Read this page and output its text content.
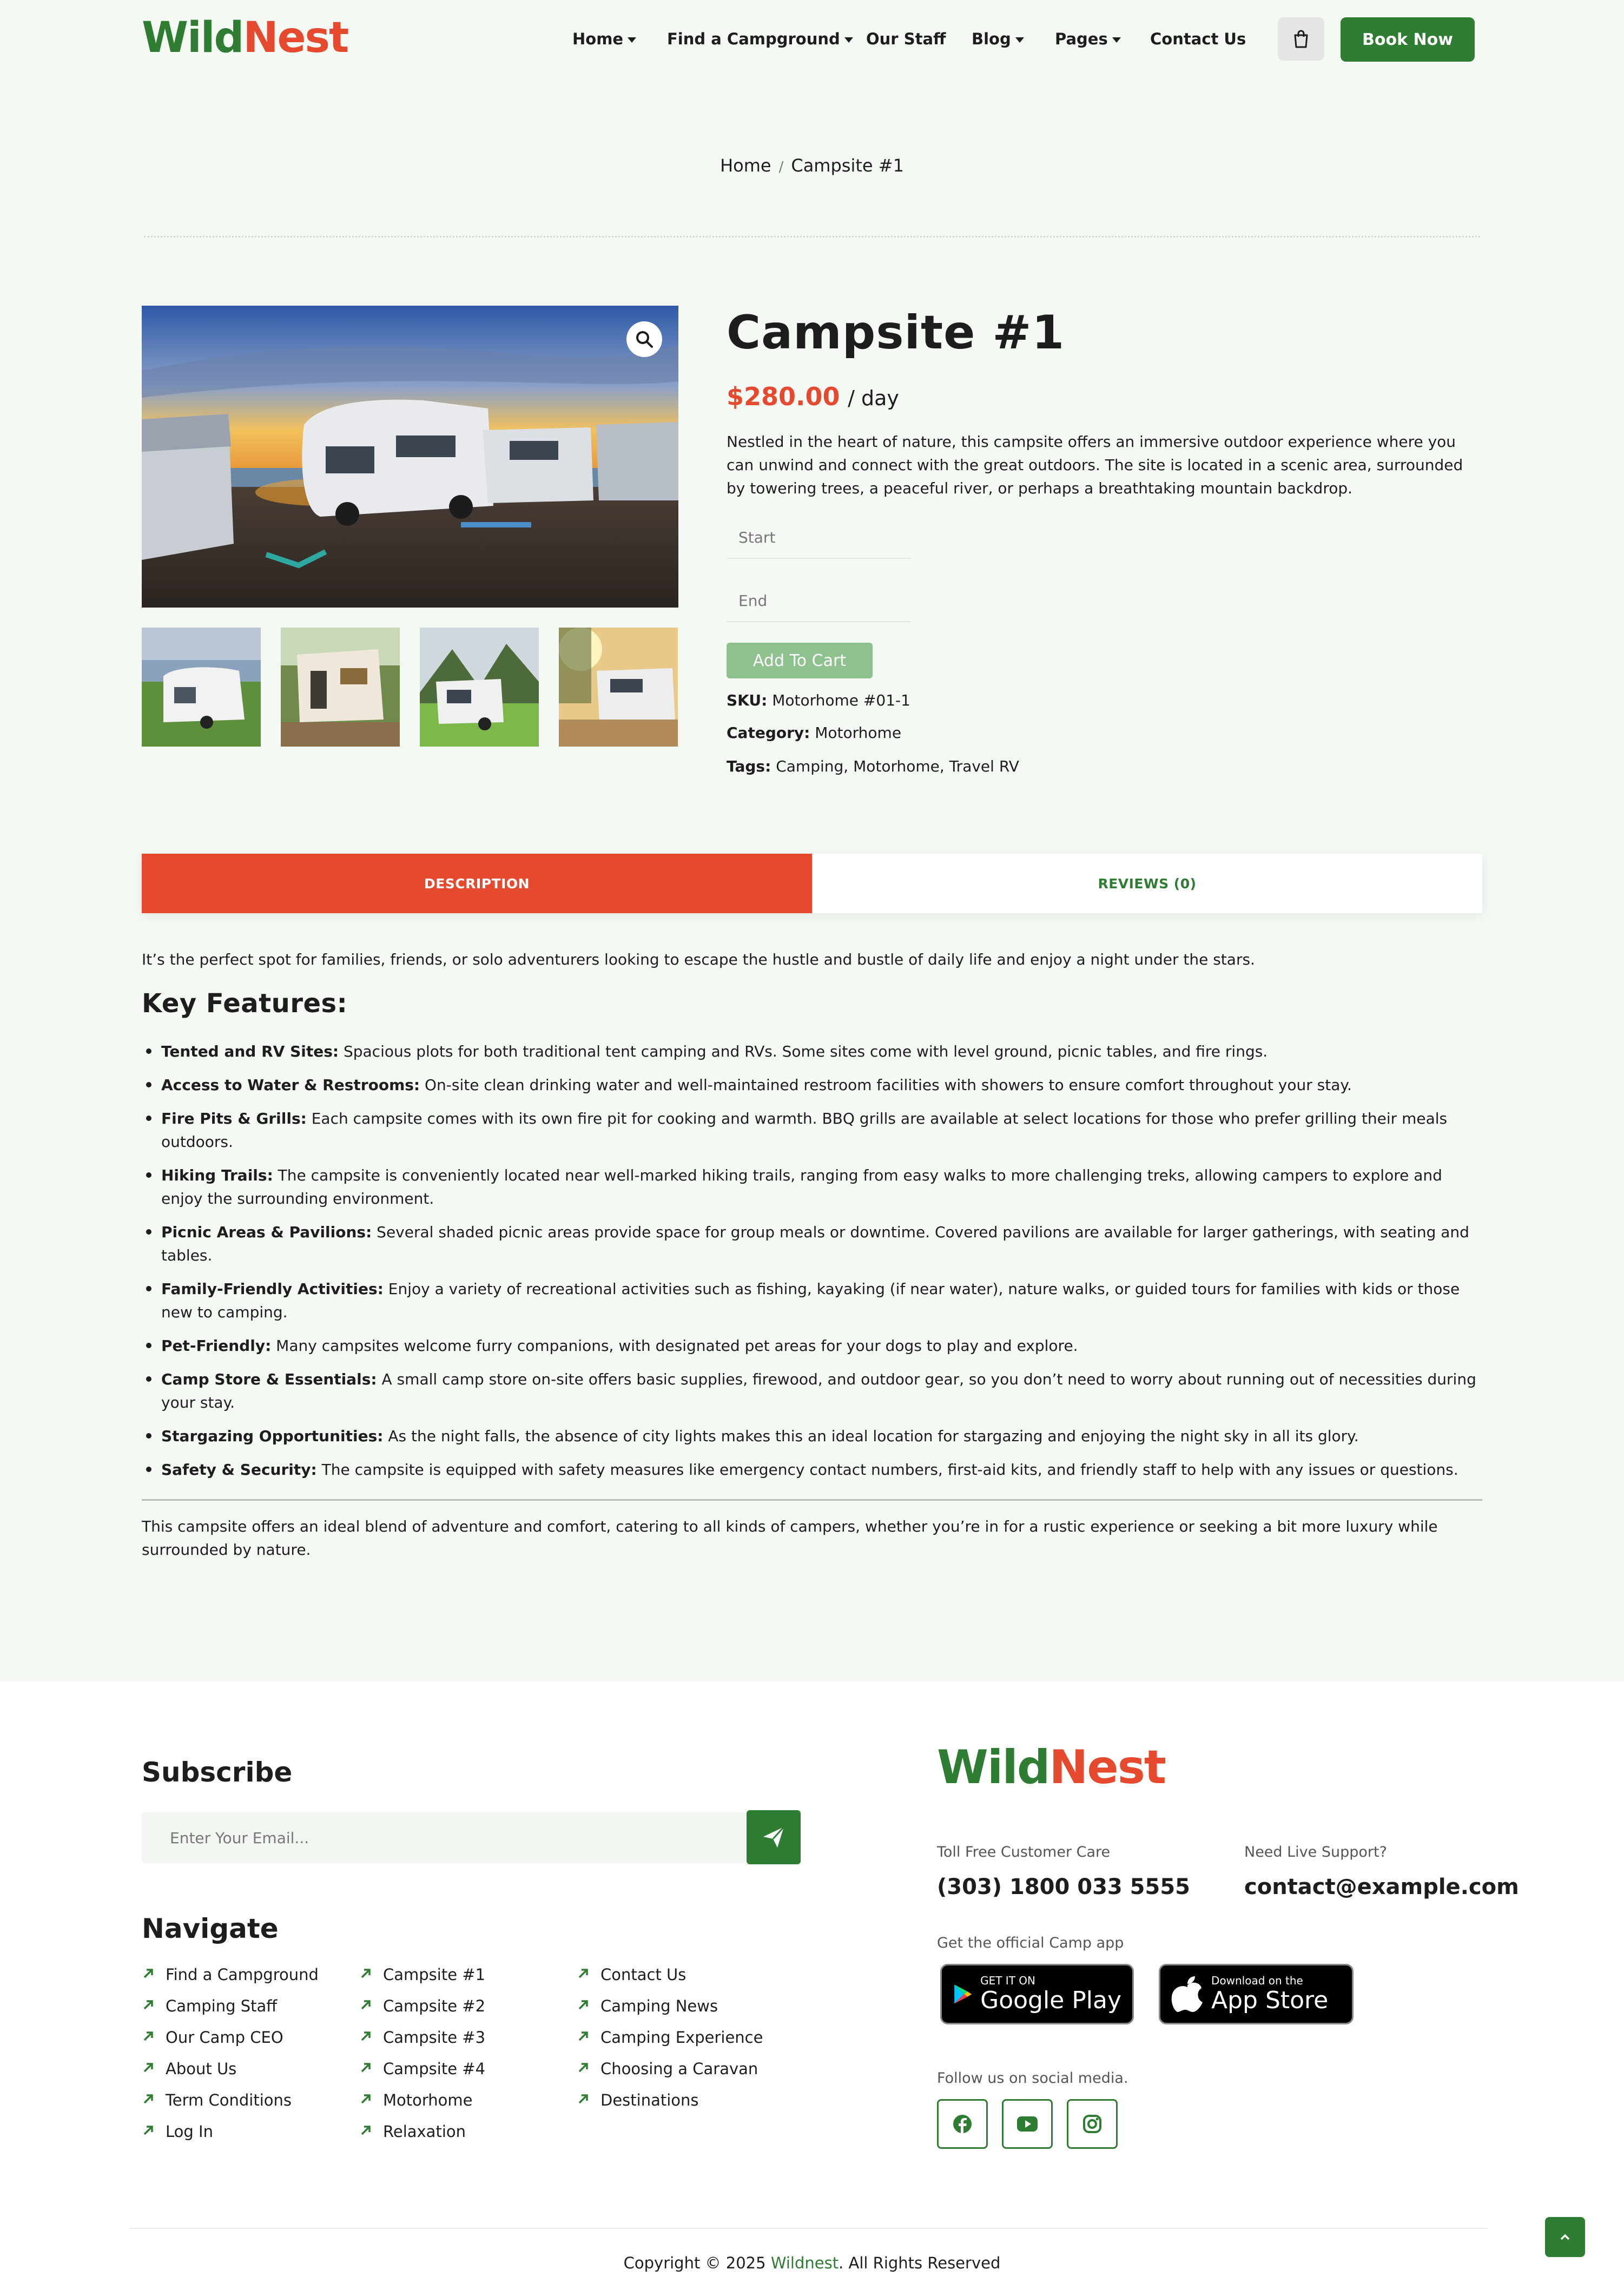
WildNest	Home	Find a Campground	Our Staff Blog	Pages	Contact Us	Book Now
Home / Campsite #1
Campsite #1
$280.00 / day
Nestled in the heart of nature, this campsite offers an immersive outdoor experience where you can unwind and connect with the great outdoors. The site is located in a scenic area, surrounded by towering trees, a peaceful river, or perhaps a breathtaking mountain backdrop.
Start
End
Add To Cart
SKU: Motorhome #01-1
Category: Motorhome
Tags: Camping, Motorhome, Travel RV
DESCRIPTION	REVIEWS (0)

It’s the perfect spot for families, friends, or solo adventurers looking to escape the hustle and bustle of daily life and enjoy a night under the stars.

Key Features:
Tented and RV Sites: Spacious plots for both traditional tent camping and RVs. Some sites come with level ground, picnic tables, and fire rings.
Access to Water & Restrooms: On-site clean drinking water and well-maintained restroom facilities with showers to ensure comfort throughout your stay.
Fire Pits & Grills: Each campsite comes with its own fire pit for cooking and warmth. BBQ grills are available at select locations for those who prefer grilling their meals outdoors.
Hiking Trails: The campsite is conveniently located near well-marked hiking trails, ranging from easy walks to more challenging treks, allowing campers to explore and enjoy the surrounding environment.
Picnic Areas & Pavilions: Several shaded picnic areas provide space for group meals or downtime. Covered pavilions are available for larger gatherings, with seating and tables.
Family-Friendly Activities: Enjoy a variety of recreational activities such as fishing, kayaking (if near water), nature walks, or guided tours for families with kids or those new to camping.
Pet-Friendly: Many campsites welcome furry companions, with designated pet areas for your dogs to play and explore.
Camp Store & Essentials: A small camp store on-site offers basic supplies, firewood, and outdoor gear, so you don’t need to worry about running out of necessities during your stay.
Stargazing Opportunities: As the night falls, the absence of city lights makes this an ideal location for stargazing and enjoying the night sky in all its glory.
Safety & Security: The campsite is equipped with safety measures like emergency contact numbers, first-aid kits, and friendly staff to help with any issues or questions.

This campsite offers an ideal blend of adventure and comfort, catering to all kinds of campers, whether you’re in for a rustic experience or seeking a bit more luxury while surrounded by nature.

Subscribe
Enter Your Email...
Navigate
Find a Campground
Camping Staff
Our Camp CEO
About Us
Term Conditions
Log In
Campsite #1
Campsite #2
Campsite #3
Campsite #4
Motorhome
Relaxation
Contact Us
Camping News
Camping Experience
Choosing a Caravan
Destinations
WildNest
Toll Free Customer Care
(303) 1800 033 5555
Need Live Support?
contact@example.com
Get the official Camp app
GET IT ON
Google Play
Download on the
App Store
Follow us on social media.
Copyright © 2025 Wildnest. All Rights Reserved
